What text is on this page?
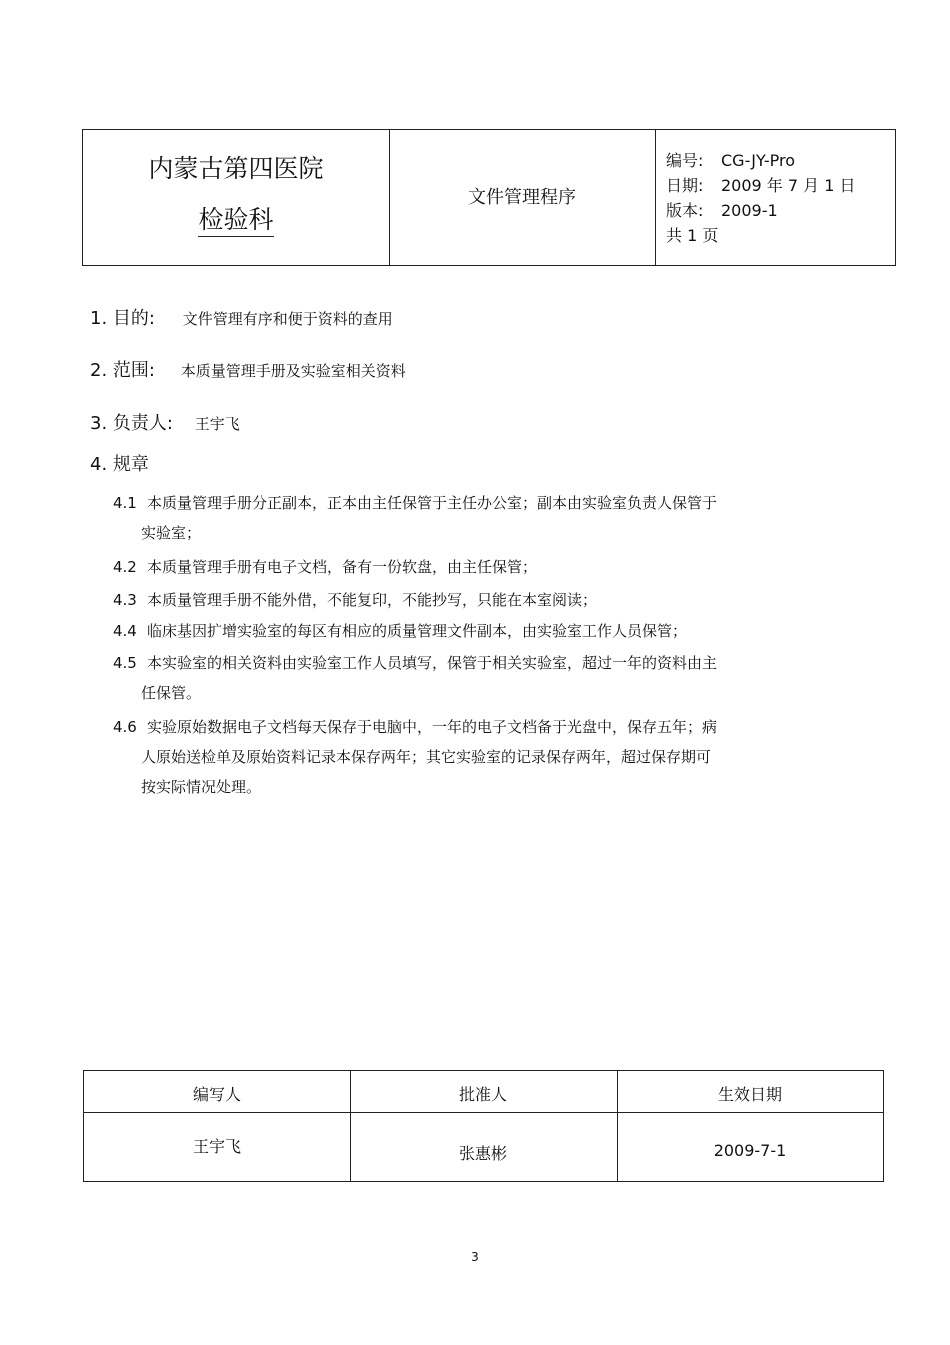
内蒙古第四医院
检验科
文件管理程序
编号: CG-JY-Pro
日期: 2009 年 7 月 1 日
版本: 2009-1
共 1 页
1. 目的: 文件管理有序和便于资料的查用
2. 范围: 本质量管理手册及实验室相关资料
3. 负责人: 王宇飞
4. 规章
4.1 本质量管理手册分正副本，正本由主任保管于主任办公室；副本由实验室负责人保管于
实验室；
4.2 本质量管理手册有电子文档，备有一份软盘，由主任保管；
4.3 本质量管理手册不能外借，不能复印，不能抄写，只能在本室阅读；
4.4 临床基因扩增实验室的每区有相应的质量管理文件副本，由实验室工作人员保管；
4.5 本实验室的相关资料由实验室工作人员填写，保管于相关实验室，超过一年的资料由主
任保管。
4.6 实验原始数据电子文档每天保存于电脑中，一年的电子文档备于光盘中，保存五年；病
人原始送检单及原始资料记录本保存两年；其它实验室的记录保存两年，超过保存期可
按实际情况处理。
编写人	批准人	生效日期
王宇飞	张惠彬	2009-7-1
3
